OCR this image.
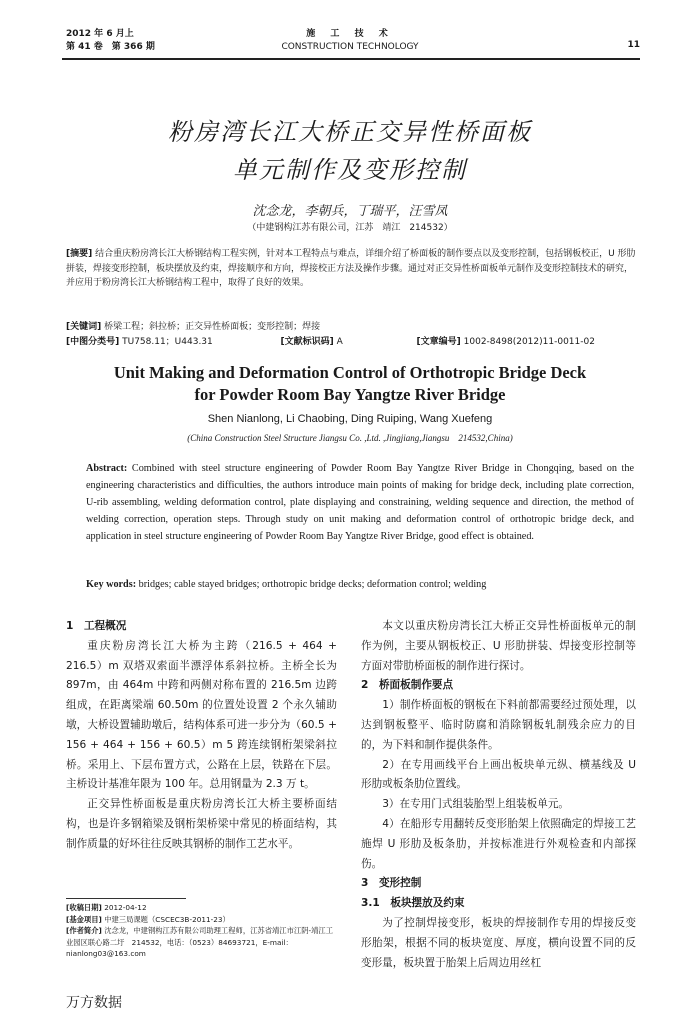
2012 年 6 月上
第 41 卷　第 366 期
施 工 技 术
CONSTRUCTION TECHNOLOGY	11
粉房湾长江大桥正交异性桥面板
单元制作及变形控制
沈念龙，李朝兵，丁瑞平，汪雪凤
（中建钢构江苏有限公司，江苏　靖江　214532）
[摘要] 结合重庆粉房湾长江大桥钢结构工程实例，针对本工程特点与难点，详细介绍了桥面板的制作要点以及变形控制，包括钢板校正，U 形肋拼装，焊接变形控制，板块摆放及约束，焊接顺序和方向，焊接校正方法及操作步骤。通过对正交异性桥面板单元制作及变形控制技术的研究，并应用于粉房湾长江大桥钢结构工程中，取得了良好的效果。
[关键词] 桥梁工程；斜拉桥；正交异性桥面板；变形控制；焊接
[中图分类号] TU758.11；U443.31	[文献标识码] A	[文章编号] 1002-8498(2012)11-0011-02
Unit Making and Deformation Control of Orthotropic Bridge Deck
for Powder Room Bay Yangtze River Bridge
Shen Nianlong, Li Chaobing, Ding Ruiping, Wang Xuefeng
(China Construction Steel Structure Jiangsu Co. ,Ltd. ,Jingjiang,Jiangsu　214532,China)
Abstract: Combined with steel structure engineering of Powder Room Bay Yangtze River Bridge in Chongqing, based on the engineering characteristics and difficulties, the authors introduce main points of making for bridge deck, including plate correction, U-rib assembling, welding deformation control, plate displaying and constraining, welding sequence and direction, the method of welding correction, operation steps. Through study on unit making and deformation control of orthotropic bridge deck, and application in steel structure engineering of Powder Room Bay Yangtze River Bridge, good effect is obtained.
Key words: bridges; cable stayed bridges; orthotropic bridge decks; deformation control; welding

1　工程概况

重庆粉房湾长江大桥为主跨（216.5 + 464 + 216.5）m 双塔双索面半漂浮体系斜拉桥。主桥全长为 897m，由 464m 中跨和两侧对称布置的 216.5m 边跨组成，在距离梁端 60.50m 的位置处设置 2 个永久辅助墩，大桥设置辅助墩后，结构体系可进一步分为（60.5 + 156 + 464 + 156 + 60.5）m 5 跨连续钢桁架梁斜拉桥。采用上、下层布置方式，公路在上层，铁路在下层。主桥设计基准年限为 100 年。总用钢量为 2.3 万 t。

正交异性桥面板是重庆粉房湾长江大桥主要桥面结构，也是许多钢箱梁及钢桁架桥梁中常见的桥面结构，其制作质量的好坏往往反映其钢桥的制作工艺水平。

本文以重庆粉房湾长江大桥正交异性桥面板单元的制作为例，主要从钢板校正、U 形肋拼装、焊接变形控制等方面对带肋桥面板的制作进行探讨。

2　桥面板制作要点

1）制作桥面板的钢板在下料前都需要经过预处理，以达到钢板整平、临时防腐和消除钢板轧制残余应力的目的，为下料和制作提供条件。

2）在专用画线平台上画出板块单元纵、横基线及 U 形肋或板条肋位置线。

3）在专用门式组装胎型上组装板单元。

4）在船形专用翻转反变形胎架上依照确定的焊接工艺施焊 U 形肋及板条肋，并按标准进行外观检查和内部探伤。

3　变形控制

3.1　板块摆放及约束

为了控制焊接变形，板块的焊接制作专用的焊接反变形胎架，根据不同的板块宽度、厚度，横向设置不同的反变形量，板块置于胎架上后周边用丝杠

[收稿日期] 2012-04-12

[基金项目] 中建三局课题（CSCEC3B-2011-23）

[作者简介] 沈念龙，中建钢构江苏有限公司助理工程师，江苏省靖江市江阴-靖江工业园区联心路二圩　214532，电话：（0523）84693721，E-mail：nianlong03@163.com

万方数据
